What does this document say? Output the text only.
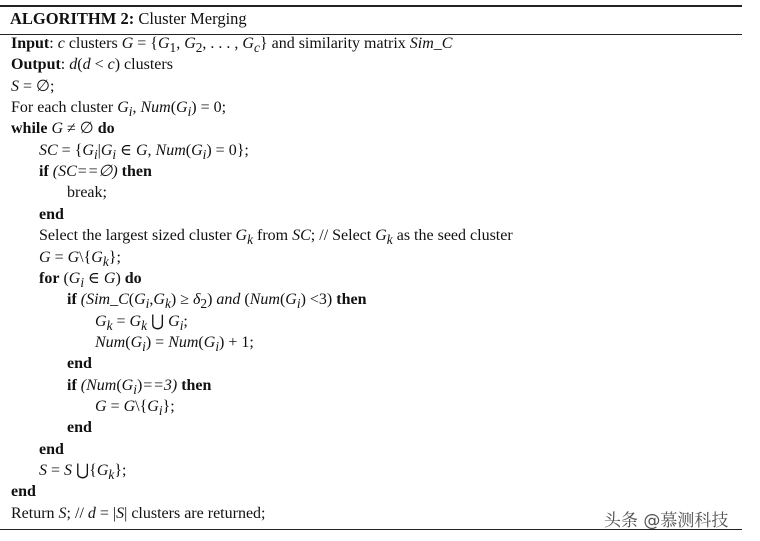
ALGORITHM 2: Cluster Merging
Input: c clusters $G = \{G_1$, $G_2$, . . . , $G_c$} and similarity matrix Sim_C
Output: d(d < c) clusters
S = ∅;
For each cluster $G_i$, $Num(G_i) = 0$;
while G ≠ ∅ do
SC = {$G_i|G_i$ ∈ G, $Num(G_i) = 0$};
if (SC==∅) then
break;
end
Select the largest sized cluster $G_k$ from SC; // Select $G_k$ as the seed cluster
$G = G\backslash\{G_k\}$;
for ($G_i$ ∈ G) do
if $(Sim\_C(G_i,G_k) \ge \delta_2)$ and $(Num(G_i) <3)$ then
$G_k = G_k$ ⋃ $G_i$;
$Num(G_i) = Num(G_i) + 1$;
end
if $(Num(G_i)==3)$ then
$G = G\backslash\{G_i\}$;
end
end
S = S $⋃\{G_k\}$;
end
Return S; // d = |S| clusters are returned;	头条 @慕测科技
